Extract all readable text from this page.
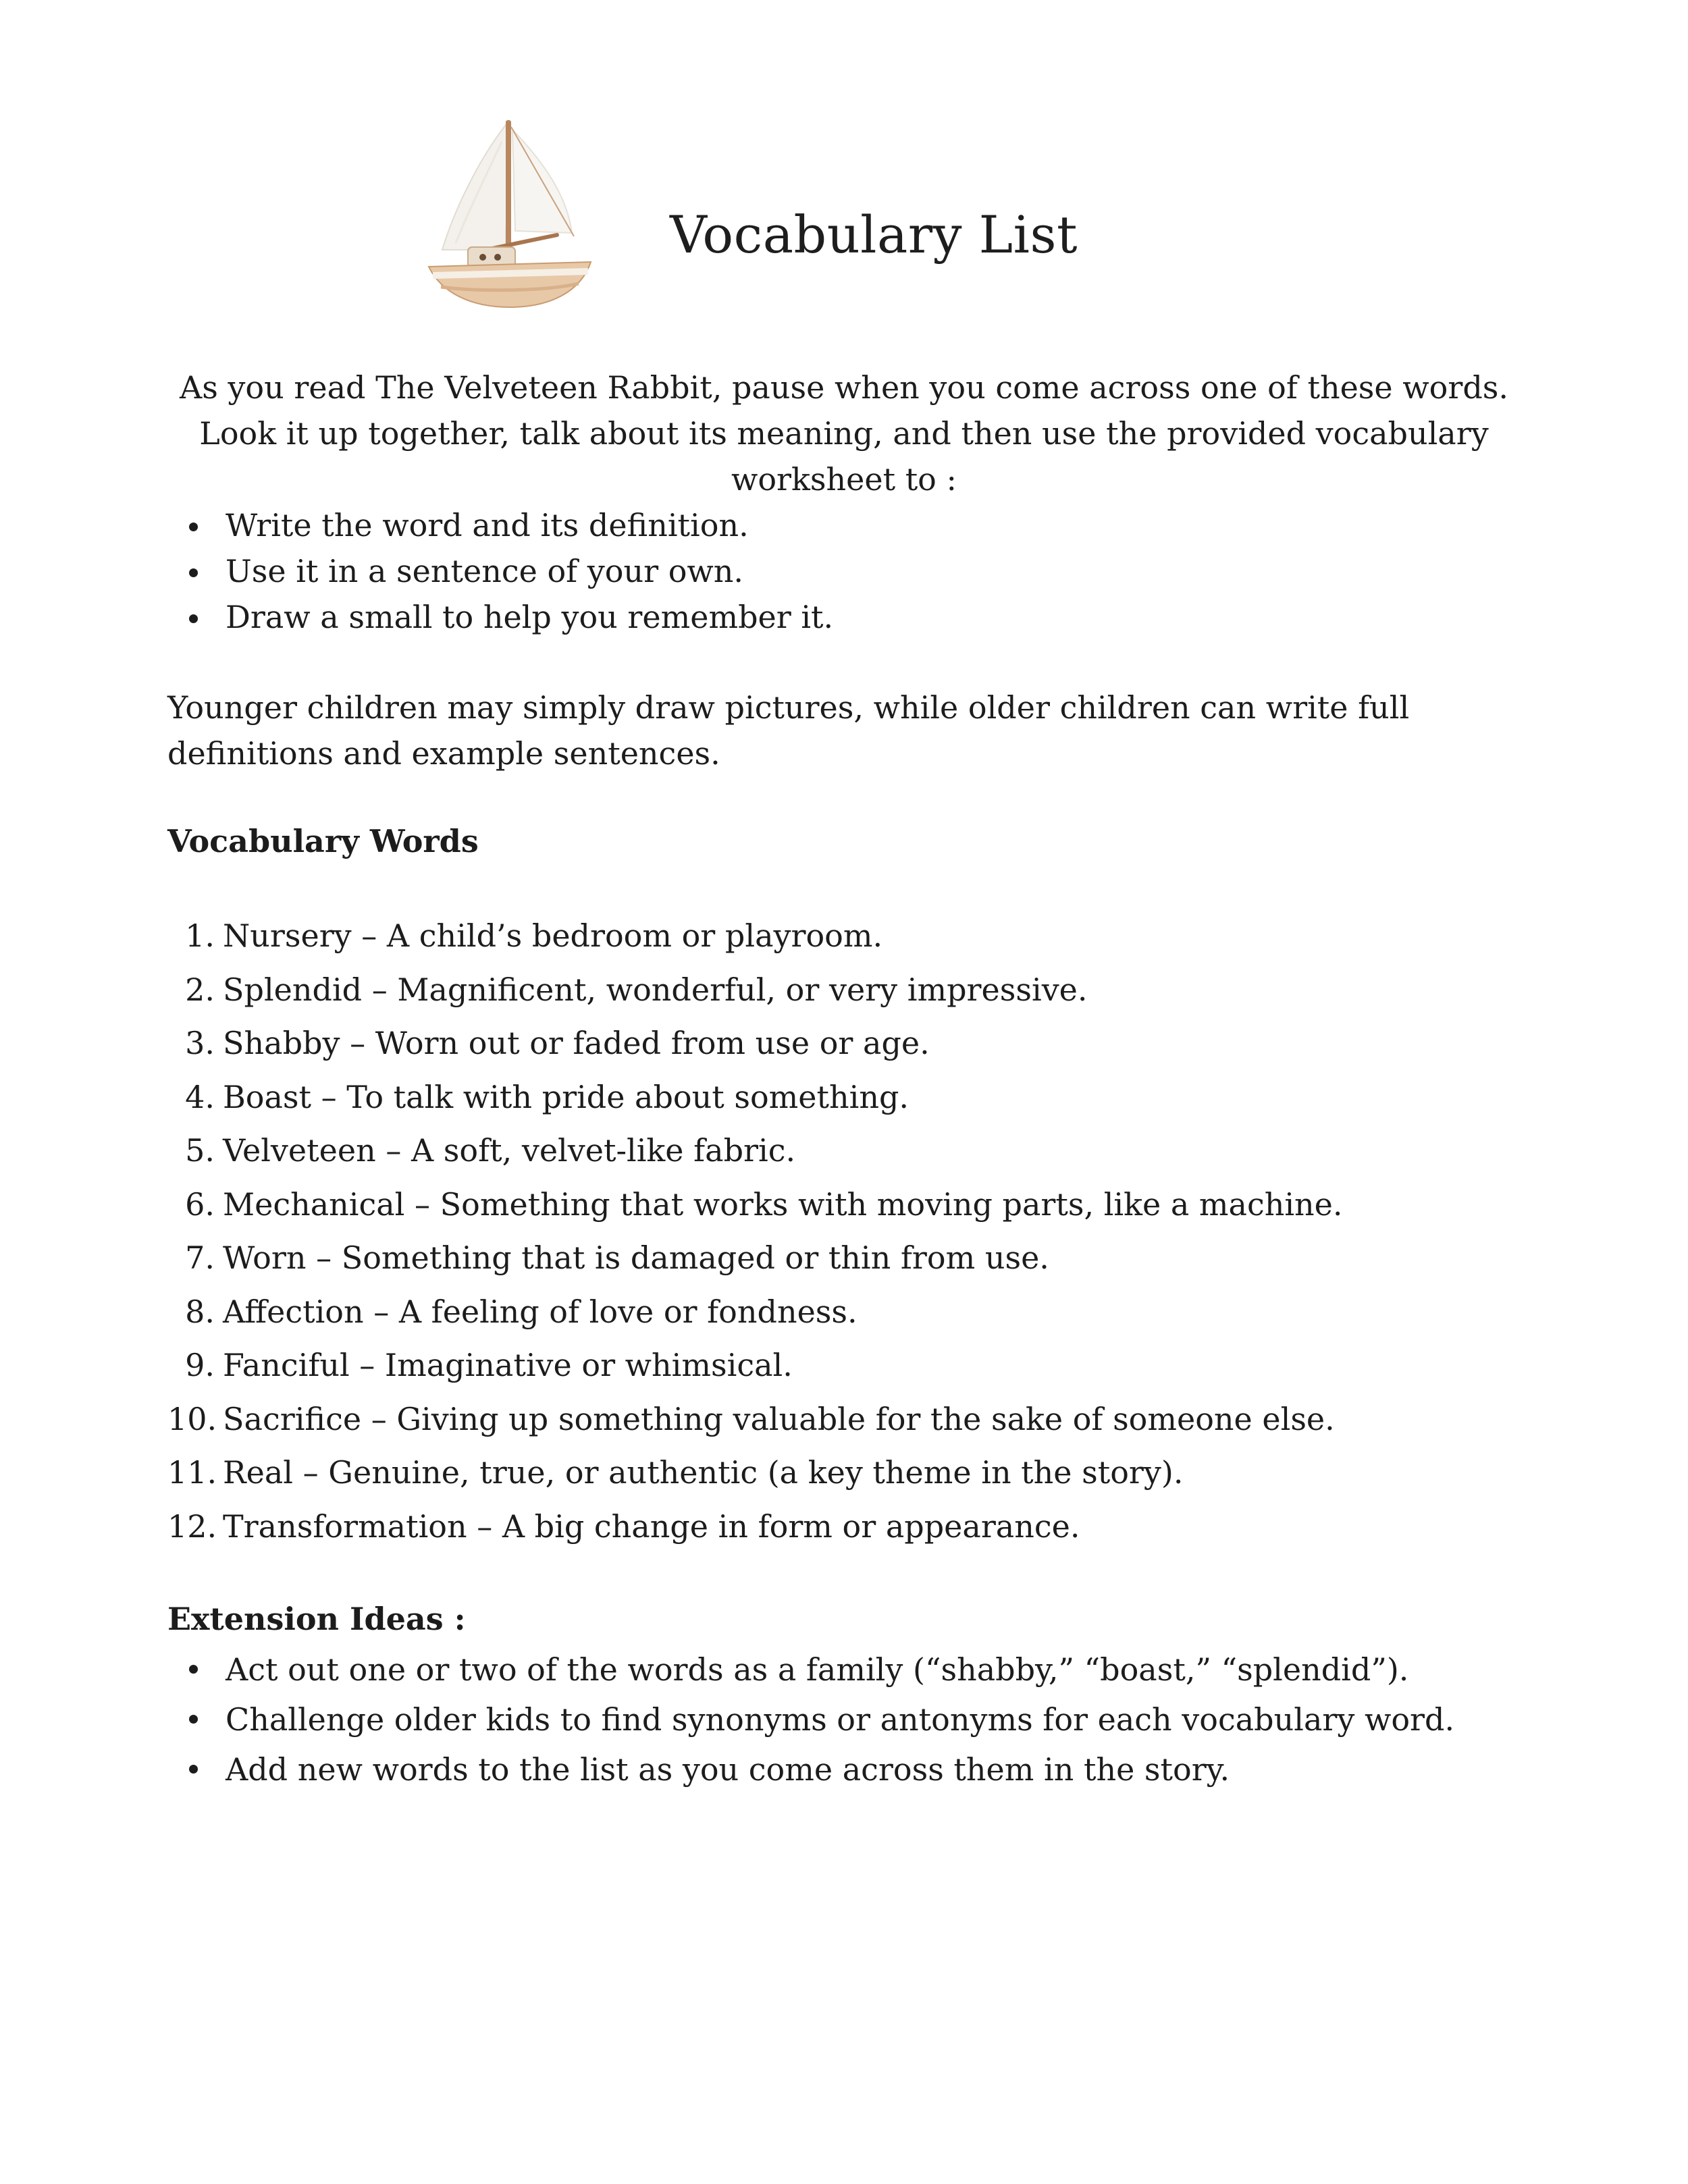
Vocabulary List

As you read The Velveteen Rabbit, pause when you come across one of these words. Look it up together, talk about its meaning, and then use the provided vocabulary worksheet to :

Write the word and its definition.
Use it in a sentence of your own.
Draw a small to help you remember it.

Younger children may simply draw pictures, while older children can write full definitions and example sentences.

Vocabulary Words
1. Nursery – A child’s bedroom or playroom.
2. Splendid – Magnificent, wonderful, or very impressive.
3. Shabby – Worn out or faded from use or age.
4. Boast – To talk with pride about something.
5. Velveteen – A soft, velvet-like fabric.
6. Mechanical – Something that works with moving parts, like a machine.
7. Worn – Something that is damaged or thin from use.
8. Affection – A feeling of love or fondness.
9. Fanciful – Imaginative or whimsical.
10. Sacrifice – Giving up something valuable for the sake of someone else.
11. Real – Genuine, true, or authentic (a key theme in the story).
12. Transformation – A big change in form or appearance.
Extension Ideas :
Act out one or two of the words as a family (“shabby,” “boast,” “splendid”).
Challenge older kids to find synonyms or antonyms for each vocabulary word.
Add new words to the list as you come across them in the story.
